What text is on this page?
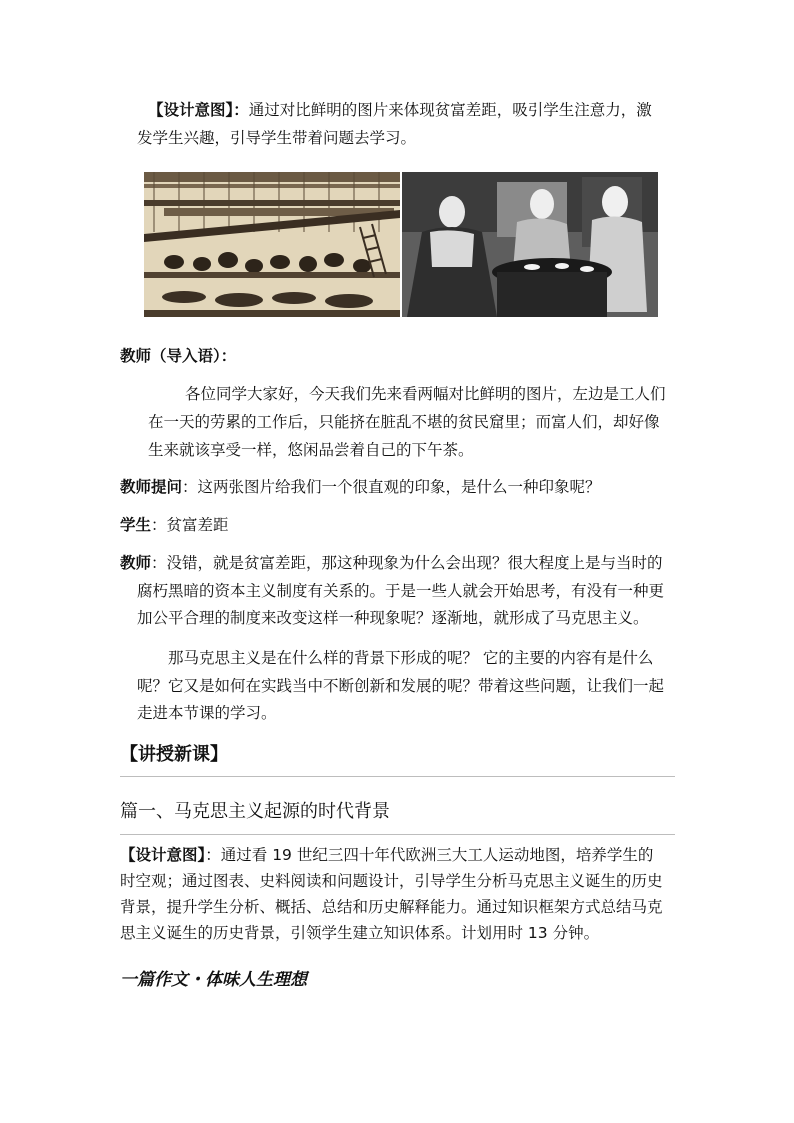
【设计意图】：通过对比鲜明的图片来体现贫富差距，吸引学生注意力，激
发学生兴趣，引导学生带着问题去学习。
教师（导入语）：
各位同学大家好，今天我们先来看两幅对比鲜明的图片，左边是工人们
在一天的劳累的工作后，只能挤在脏乱不堪的贫民窟里；而富人们，却好像
生来就该享受一样，悠闲品尝着自己的下午茶。
教师提问：这两张图片给我们一个很直观的印象，是什么一种印象呢？
学生：贫富差距
教师：没错，就是贫富差距，那这种现象为什么会出现？很大程度上是与当时的
腐朽黑暗的资本主义制度有关系的。于是一些人就会开始思考，有没有一种更
加公平合理的制度来改变这样一种现象呢？逐渐地，就形成了马克思主义。
那马克思主义是在什么样的背景下形成的呢？ 它的主要的内容有是什么
呢？它又是如何在实践当中不断创新和发展的呢？带着这些问题，让我们一起
走进本节课的学习。
【讲授新课】
篇一、马克思主义起源的时代背景
【设计意图】：通过看 19 世纪三四十年代欧洲三大工人运动地图，培养学生的
时空观；通过图表、史料阅读和问题设计，引导学生分析马克思主义诞生的历史
背景，提升学生分析、概括、总结和历史解释能力。通过知识框架方式总结马克
思主义诞生的历史背景，引领学生建立知识体系。计划用时 13 分钟。
一篇作文・体味人生理想
